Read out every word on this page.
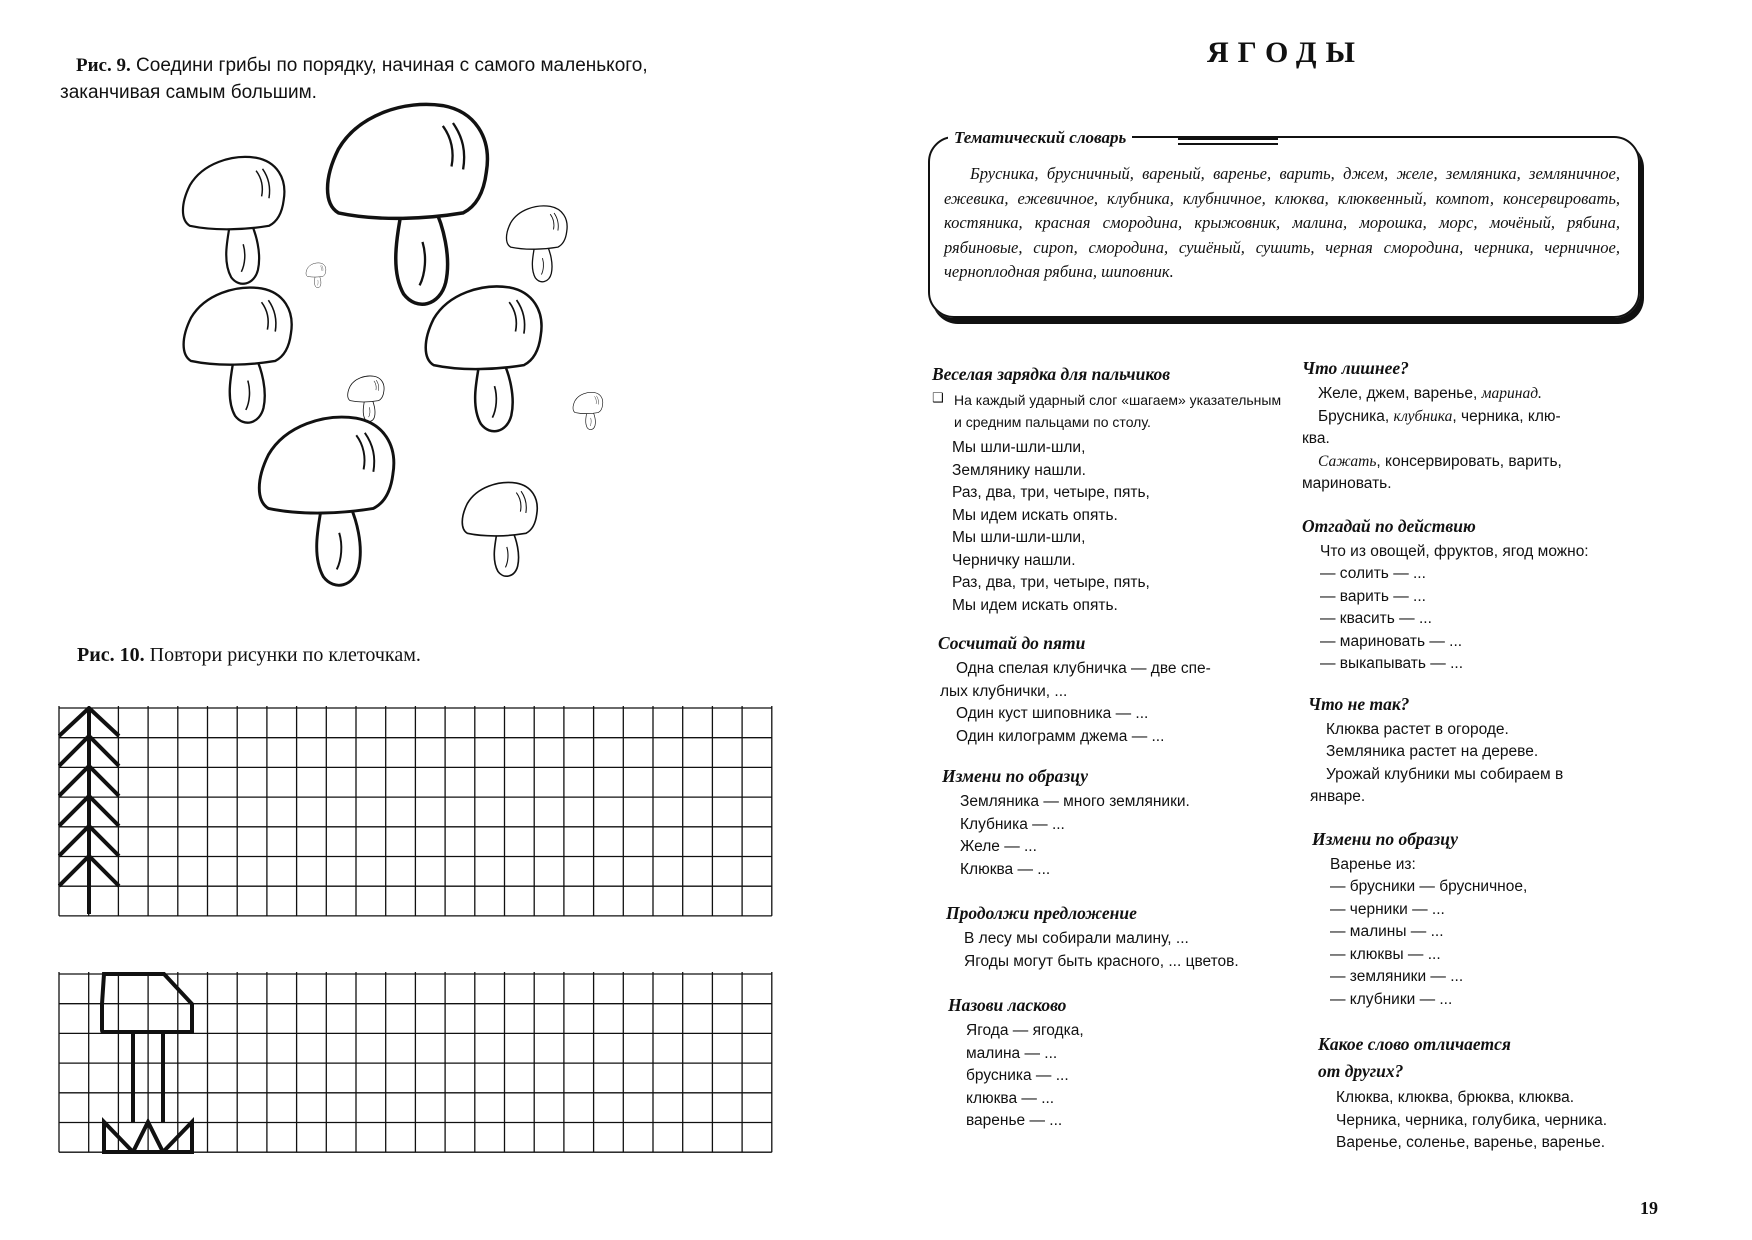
Рис. 9. Соедини грибы по порядку, начиная с самого маленького,
заканчивая самым большим.
Рис. 10. Повтори рисунки по клеточкам.
ЯГОДЫ
Тематический словарь
Брусника, брусничный, вареный, варенье, варить, джем, желе, земляника, земляничное, ежевика, ежевичное, клубника, клубничное, клюква, клюквенный, компот, консервировать, костяника, красная смородина, крыжовник, малина, морошка, морс, мочёный, рябина, рябиновые, сироп, смородина, сушёный, сушить, черная смородина, черника, черничное, черноплодная рябина, шиповник.
Веселая зарядка для пальчиков
❑ На каждый ударный слог «шагаем» указательным и средним пальцами по столу.
Мы шли-шли-шли,
Землянику нашли.
Раз, два, три, четыре, пять,
Мы идем искать опять.
Мы шли-шли-шли,
Черничку нашли.
Раз, два, три, четыре, пять,
Мы идем искать опять.
Сосчитай до пяти
Одна спелая клубничка — две спе-
лых клубнички, ...
Один куст шиповника — ...
Один килограмм джема — ...
Измени по образцу
Земляника — много земляники.
Клубника — ...
Желе — ...
Клюква — ...
Продолжи предложение
В лесу мы собирали малину, ...
Ягоды могут быть красного, ... цветов.
Назови ласково
Ягода — ягодка,
малина — ...
брусника — ...
клюква — ...
варенье — ...
Что лишнее?
Желе, джем, варенье, маринад.
Брусника, клубника, черника, клю-
ква.
Сажать, консервировать, варить,
мариновать.
Отгадай по действию
Что из овощей, фруктов, ягод можно:
— солить — ...
— варить — ...
— квасить — ...
— мариновать — ...
— выкапывать — ...
Что не так?
Клюква растет в огороде.
Земляника растет на дереве.
Урожай клубники мы собираем в
январе.
Измени по образцу
Варенье из:
— брусники — брусничное,
— черники — ...
— малины — ...
— клюквы — ...
— земляники — ...
— клубники — ...
Какое слово отличается
от других?
Клюква, клюква, брюква, клюква.
Черника, черника, голубика, черника.
Варенье, соленье, варенье, варенье.
19
